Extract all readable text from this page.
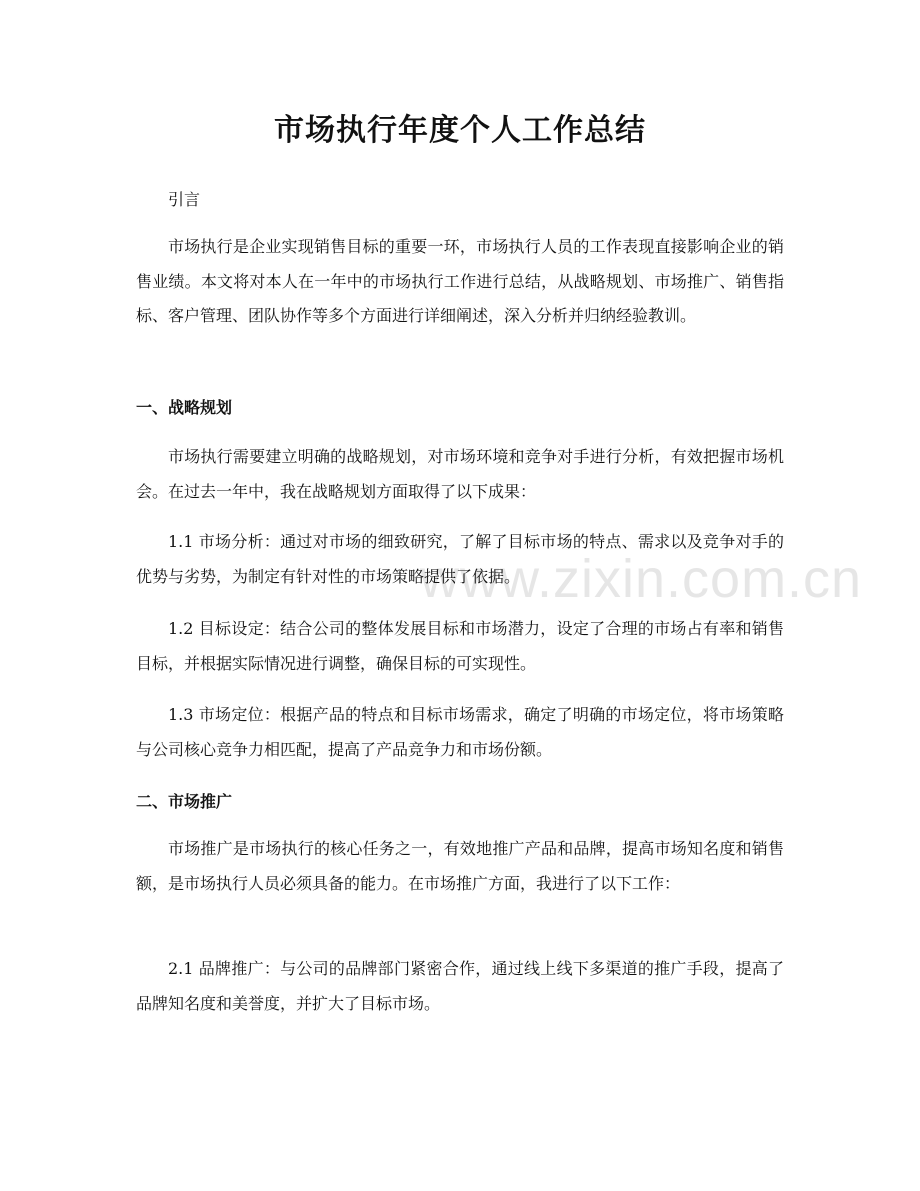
www.zixin.com.cn
市场执行年度个人工作总结

引言

市场执行是企业实现销售目标的重要一环，市场执行人员的工作表现直接影响企业的销售业绩。本文将对本人在一年中的市场执行工作进行总结，从战略规划、市场推广、销售指标、客户管理、团队协作等多个方面进行详细阐述，深入分析并归纳经验教训。

一、战略规划

市场执行需要建立明确的战略规划，对市场环境和竞争对手进行分析，有效把握市场机会。在过去一年中，我在战略规划方面取得了以下成果：

1.1 市场分析：通过对市场的细致研究，了解了目标市场的特点、需求以及竞争对手的优势与劣势，为制定有针对性的市场策略提供了依据。

1.2 目标设定：结合公司的整体发展目标和市场潜力，设定了合理的市场占有率和销售目标，并根据实际情况进行调整，确保目标的可实现性。

1.3 市场定位：根据产品的特点和目标市场需求，确定了明确的市场定位，将市场策略与公司核心竞争力相匹配，提高了产品竞争力和市场份额。

二、市场推广

市场推广是市场执行的核心任务之一，有效地推广产品和品牌，提高市场知名度和销售额，是市场执行人员必须具备的能力。在市场推广方面，我进行了以下工作：

2.1 品牌推广：与公司的品牌部门紧密合作，通过线上线下多渠道的推广手段，提高了品牌知名度和美誉度，并扩大了目标市场。
